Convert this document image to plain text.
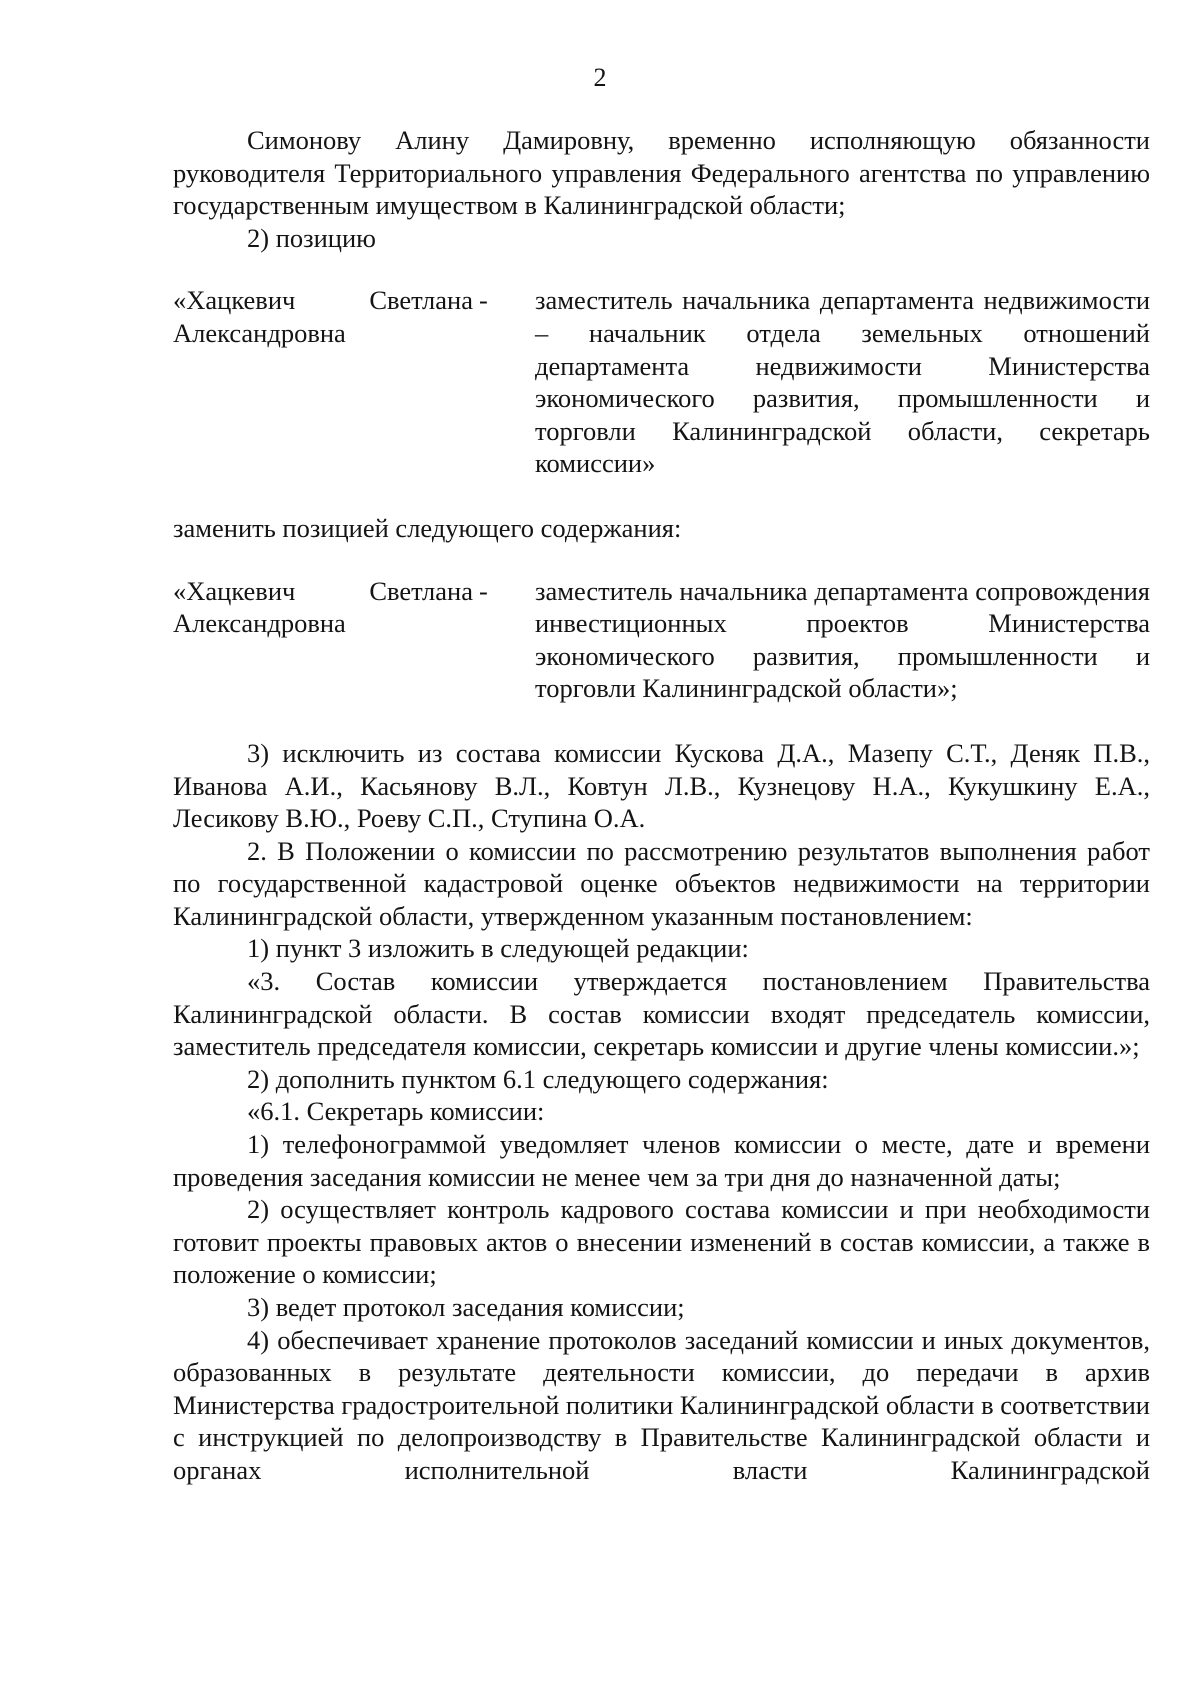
2

Симонову Алину Дамировну, временно исполняющую обязанности руководителя Территориального управления Федерального агентства по управлению государственным имуществом в Калининградской области;

2) позицию

«Хацкевич Светлана
Александровна
-	заместитель начальника департамента недвижимости – начальник отдела земельных отношений департамента недвижимости Министерства экономического развития, промышленности и торговли Калининградской области, секретарь комиссии»

заменить позицией следующего содержания:

«Хацкевич Светлана
Александровна
-	заместитель начальника департамента сопровождения инвестиционных проектов Министерства экономического развития, промышленности и торговли Калининградской области»;

3) исключить из состава комиссии Кускова Д.А., Мазепу С.Т., Деняк П.В., Иванова А.И., Касьянову В.Л., Ковтун Л.В., Кузнецову Н.А., Кукушкину Е.А., Лесикову В.Ю., Роеву С.П., Ступина О.А.

2. В Положении о комиссии по рассмотрению результатов выполнения работ по государственной кадастровой оценке объектов недвижимости на территории Калининградской области, утвержденном указанным постановлением:

1) пункт 3 изложить в следующей редакции:

«3. Состав комиссии утверждается постановлением Правительства Калининградской области. В состав комиссии входят председатель комиссии, заместитель председателя комиссии, секретарь комиссии и другие члены комиссии.»;

2) дополнить пунктом 6.1 следующего содержания:

«6.1. Секретарь комиссии:

1) телефонограммой уведомляет членов комиссии о месте, дате и времени проведения заседания комиссии не менее чем за три дня до назначенной даты;

2) осуществляет контроль кадрового состава комиссии и при необходимости готовит проекты правовых актов о внесении изменений в состав комиссии, а также в положение о комиссии;

3) ведет протокол заседания комиссии;

4) обеспечивает хранение протоколов заседаний комиссии и иных документов, образованных в результате деятельности комиссии, до передачи в архив Министерства градостроительной политики Калининградской области в соответствии с инструкцией по делопроизводству в Правительстве Калининградской области и органах исполнительной власти Калининградской
